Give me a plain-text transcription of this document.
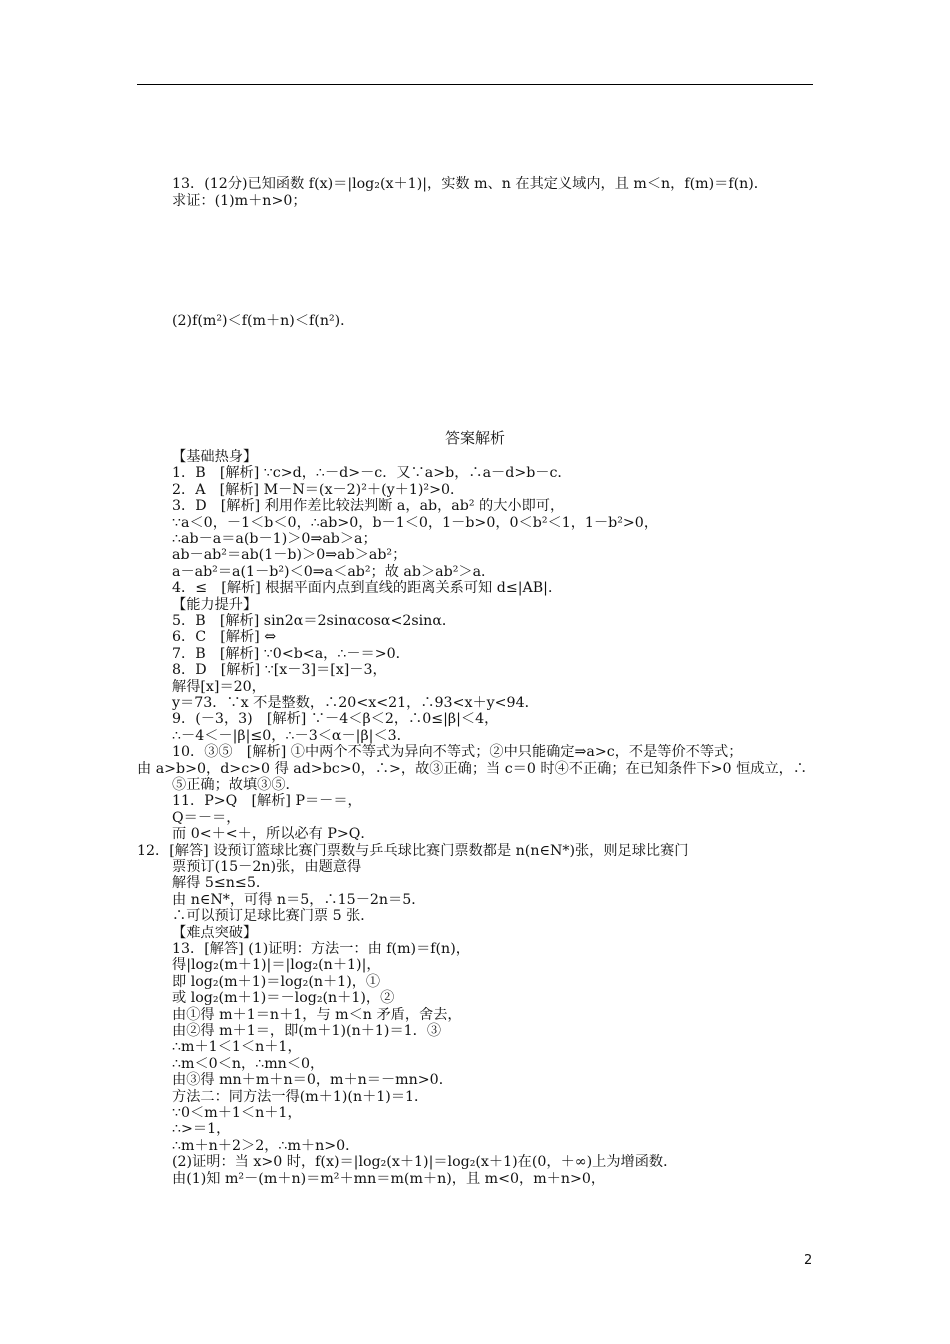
13．(12分)已知函数 f(x)＝|log₂(x＋1)|，实数 m、n 在其定义域内，且 m＜n，f(m)＝f(n)．
求证：(1)m＋n>0；
(2)f(m²)＜f(m＋n)＜f(n²)．
答案解析
【基础热身】
1．B　[解析] ∵c>d，∴－d>－c．又∵a>b，∴a－d>b－c．
2．A　[解析] M－N＝(x－2)²＋(y＋1)²>0．
3．D　[解析] 利用作差比较法判断 a，ab，ab² 的大小即可，
∵a＜0，－1＜b＜0，∴ab>0，b－1＜0，1－b>0，0＜b²＜1，1－b²>0，
∴ab－a＝a(b－1)＞0⇒ab＞a；
ab－ab²＝ab(1－b)＞0⇒ab＞ab²；
a－ab²＝a(1－b²)＜0⇒a＜ab²；故 ab＞ab²＞a．
4．≤　[解析] 根据平面内点到直线的距离关系可知 d≤|AB|．
【能力提升】
5．B　[解析] sin2α＝2sinαcosα<2sinα．
6．C　[解析] ⇔
7．B　[解析] ∵0<b<a，∴－＝>0．
8．D　[解析] ∵[x－3]＝[x]－3，
解得[x]＝20，
y＝73．∵x 不是整数，∴20<x<21，∴93<x＋y<94．
9．(－3，3)　[解析] ∵－4＜β＜2，∴0≤|β|＜4，
∴－4＜－|β|≤0，∴－3＜α－|β|＜3．
10．③⑤　[解析] ①中两个不等式为异向不等式；②中只能确定⇒a>c，不是等价不等式；
由 a>b>0，d>c>0 得 ad>bc>0，∴>，故③正确；当 c＝0 时④不正确；在已知条件下>0 恒成立，∴
⑤正确；故填③⑤．
11．P>Q　[解析] P＝－＝，
Q＝－＝，
而 0<＋<＋，所以必有 P>Q．
12．[解答] 设预订篮球比赛门票数与乒乓球比赛门票数都是 n(n∈N*)张，则足球比赛门
票预订(15－2n)张，由题意得
解得 5≤n≤5．
由 n∈N*，可得 n＝5，∴15－2n＝5．
∴可以预订足球比赛门票 5 张．
【难点突破】
13．[解答] (1)证明：方法一：由 f(m)＝f(n)，
得|log₂(m＋1)|＝|log₂(n＋1)|，
即 log₂(m＋1)＝log₂(n＋1)，①
或 log₂(m＋1)＝－log₂(n＋1)，②
由①得 m＋1＝n＋1，与 m＜n 矛盾，舍去，
由②得 m＋1＝，即(m＋1)(n＋1)＝1．③
∴m＋1＜1＜n＋1，
∴m＜0＜n，∴mn＜0，
由③得 mn＋m＋n＝0，m＋n＝－mn>0．
方法二：同方法一得(m＋1)(n＋1)＝1．
∵0＜m＋1＜n＋1，
∴>＝1，
∴m＋n＋2＞2，∴m＋n>0．
(2)证明：当 x>0 时，f(x)＝|log₂(x＋1)|＝log₂(x＋1)在(0，＋∞)上为增函数．
由(1)知 m²－(m＋n)＝m²＋mn＝m(m＋n)，且 m<0，m＋n>0，
2
